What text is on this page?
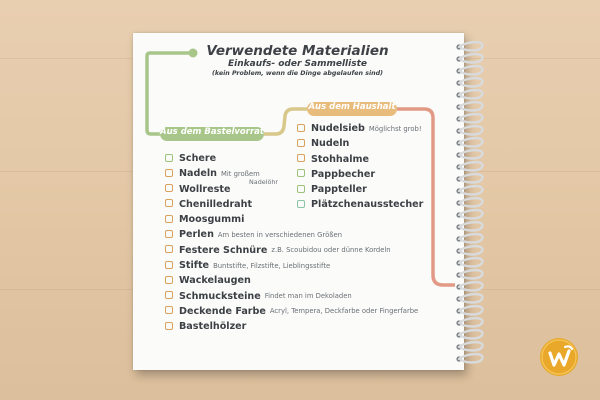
Verwendete Materialien
Einkaufs- oder Sammelliste
(kein Problem, wenn die Dinge abgelaufen sind)
Aus dem Bastelvorrat
Aus dem Haushalt
Schere
Nadeln Mit großem
Wollreste
Nadelöhr
Chenilledraht
Moosgummi
Perlen Am besten in verschiedenen Größen
Festere Schnüre z.B. Scoubidou oder dünne Kordeln
Stifte Buntstifte, Filzstifte, Lieblingsstifte
Wackelaugen
Schmucksteine Findet man im Dekoladen
Deckende Farbe Acryl, Tempera, Deckfarbe oder Fingerfarbe
Bastelhölzer
Nudelsieb Möglichst grob!
Nudeln
Stohhalme
Pappbecher
Pappteller
Plätzchenausstecher
